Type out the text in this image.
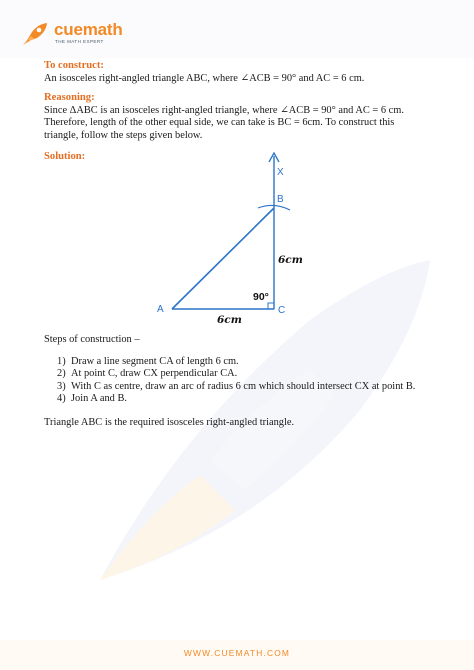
cuemath
THE MATH EXPERT

To construct:

An isosceles right-angled triangle ABC, where ∠ACB = 90° and AC = 6 cm.

Reasoning:

Since ΔABC is an isosceles right-angled triangle, where ∠ACB = 90° and AC = 6 cm.

Therefore, length of the other equal side, we can take is BC = 6cm. To construct this

triangle, follow the steps given below.

Solution:

X
B
A	C
6cm
90°
6cm
Steps of construction –
1) Draw a line segment CA of length 6 cm.
2) At point C, draw CX perpendicular CA.
3) With C as centre, draw an arc of radius 6 cm which should intersect CX at point B.
4) Join A and B.
Triangle ABC is the required isosceles right-angled triangle.
WWW.CUEMATH.COM
